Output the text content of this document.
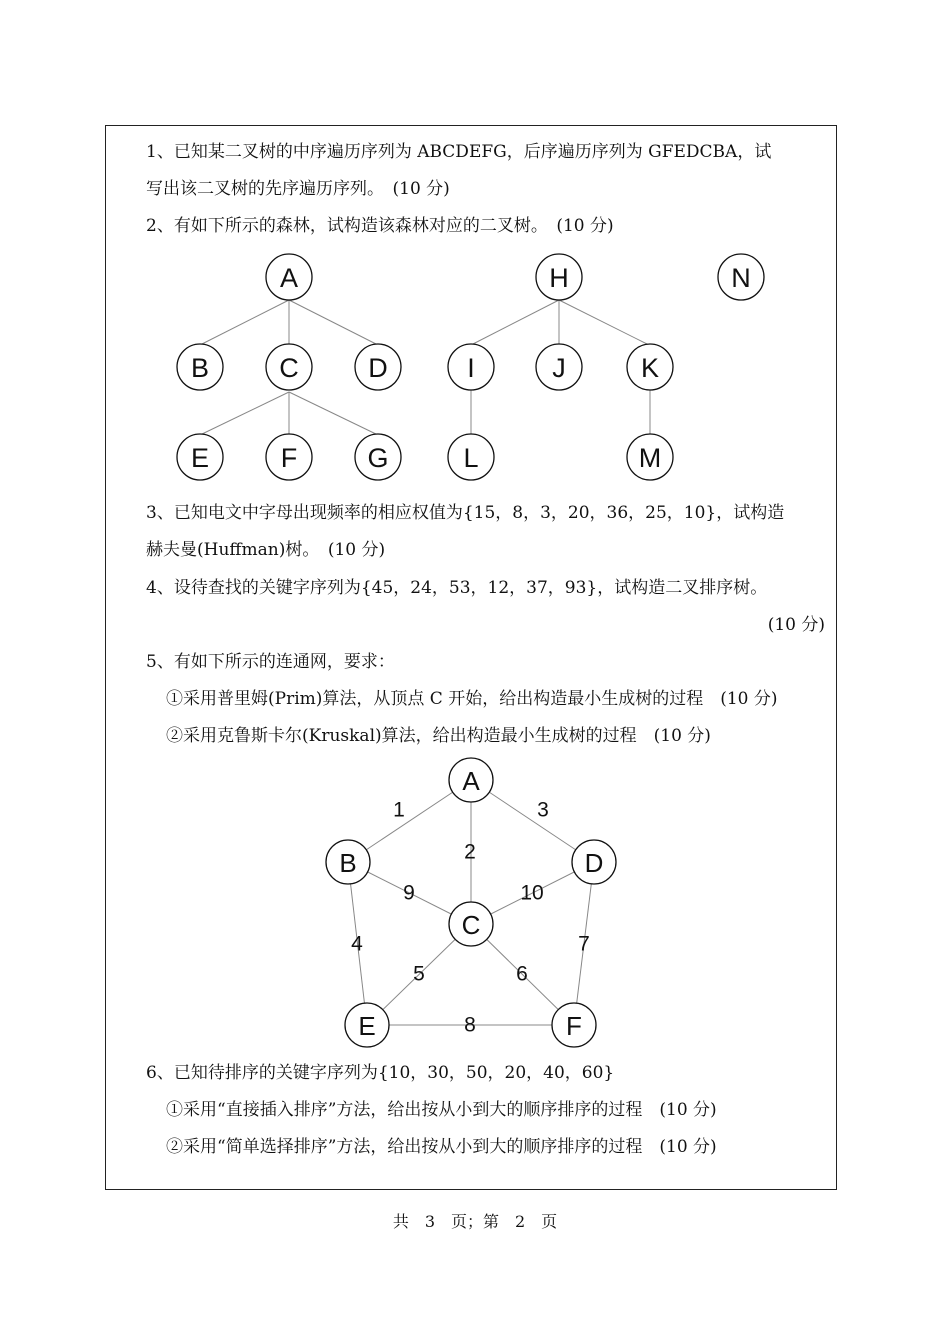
1、已知某二叉树的中序遍历序列为 ABCDEFG，后序遍历序列为 GFEDCBA，试
写出该二叉树的先序遍历序列。　(10 分)
2、有如下所示的森林，试构造该森林对应的二叉树。　(10 分)
A
B	C	D
E	F	G
H
I	J	K
L	M
N
3、已知电文中字母出现频率的相应权值为{15，8，3，20，36，25，10}，试构造
赫夫曼(Huffman)树。　(10 分)
4、设待查找的关键字序列为{45，24，53，12，37，93}，试构造二叉排序树。
(10 分)
5、有如下所示的连通网，要求：
①采用普里姆(Prim)算法，从顶点 C 开始，给出构造最小生成树的过程　(10 分)
②采用克鲁斯卡尔(Kruskal)算法，给出构造最小生成树的过程　(10 分)
A
B
C
D
E	F
1
2
3
9	10
4
5	6
7
8
6、已知待排序的关键字序列为{10，30，50，20，40，60}
①采用“直接插入排序”方法，给出按从小到大的顺序排序的过程　(10 分)
②采用“简单选择排序”方法，给出按从小到大的顺序排序的过程　(10 分)
共　3　页；第　2　页
